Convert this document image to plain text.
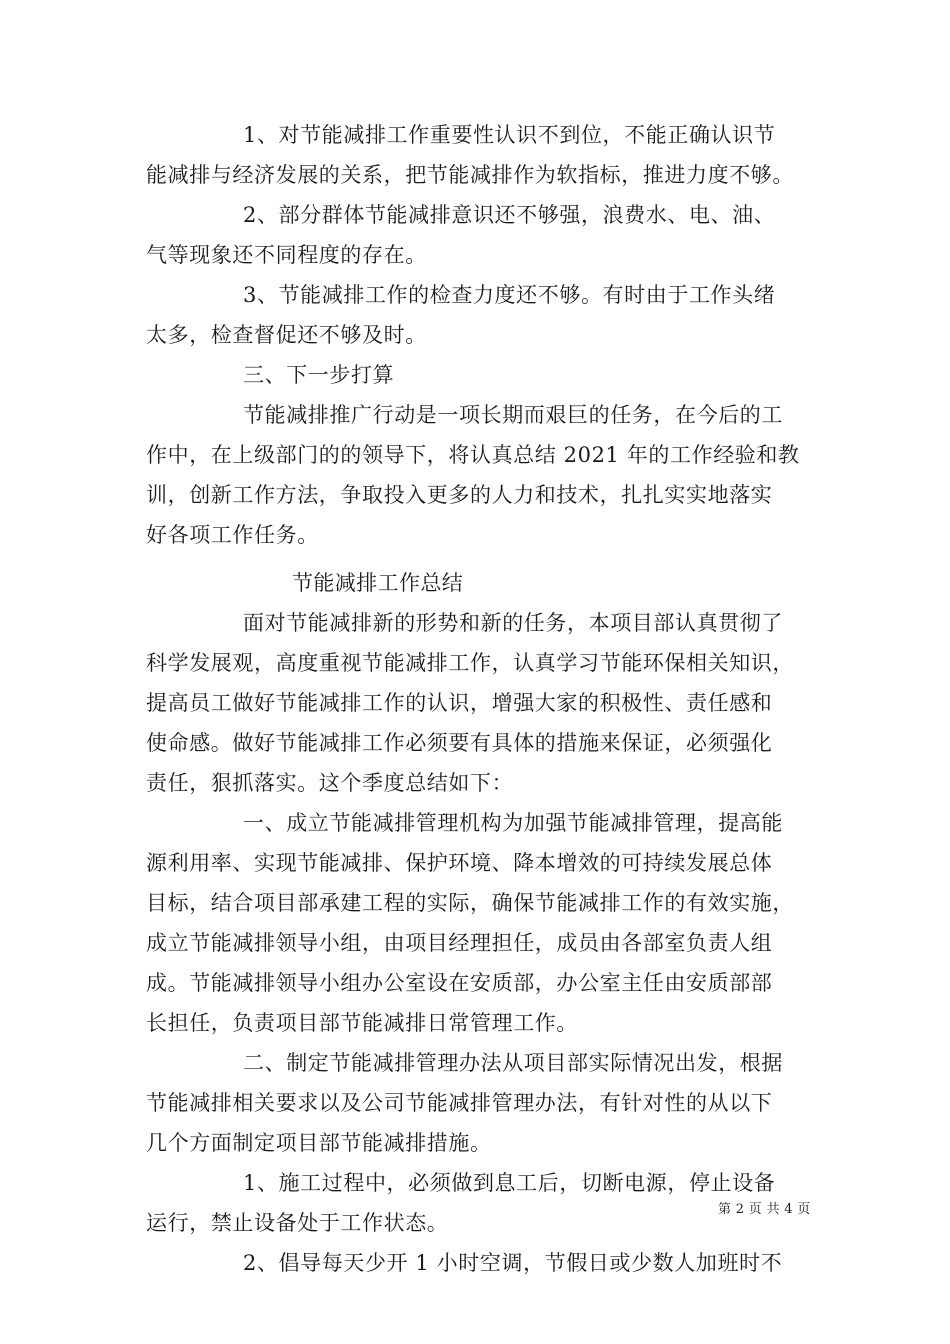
1、对节能减排工作重要性认识不到位，不能正确认识节
能减排与经济发展的关系，把节能减排作为软指标，推进力度不够。
2、部分群体节能减排意识还不够强，浪费水、电、油、
气等现象还不同程度的存在。
3、节能减排工作的检查力度还不够。有时由于工作头绪
太多，检查督促还不够及时。
三、下一步打算
节能减排推广行动是一项长期而艰巨的任务，在今后的工
作中，在上级部门的的领导下，将认真总结 2021 年的工作经验和教
训，创新工作方法，争取投入更多的人力和技术，扎扎实实地落实
好各项工作任务。
节能减排工作总结
面对节能减排新的形势和新的任务，本项目部认真贯彻了
科学发展观，高度重视节能减排工作，认真学习节能环保相关知识，
提高员工做好节能减排工作的认识，增强大家的积极性、责任感和
使命感。做好节能减排工作必须要有具体的措施来保证，必须强化
责任，狠抓落实。这个季度总结如下：
一、成立节能减排管理机构为加强节能减排管理，提高能
源利用率、实现节能减排、保护环境、降本增效的可持续发展总体
目标，结合项目部承建工程的实际，确保节能减排工作的有效实施，
成立节能减排领导小组，由项目经理担任，成员由各部室负责人组
成。节能减排领导小组办公室设在安质部，办公室主任由安质部部
长担任，负责项目部节能减排日常管理工作。
二、制定节能减排管理办法从项目部实际情况出发，根据
节能减排相关要求以及公司节能减排管理办法，有针对性的从以下
几个方面制定项目部节能减排措施。
1、施工过程中，必须做到息工后，切断电源，停止设备
运行，禁止设备处于工作状态。
2、倡导每天少开 1 小时空调，节假日或少数人加班时不
第 2 页 共 4 页
